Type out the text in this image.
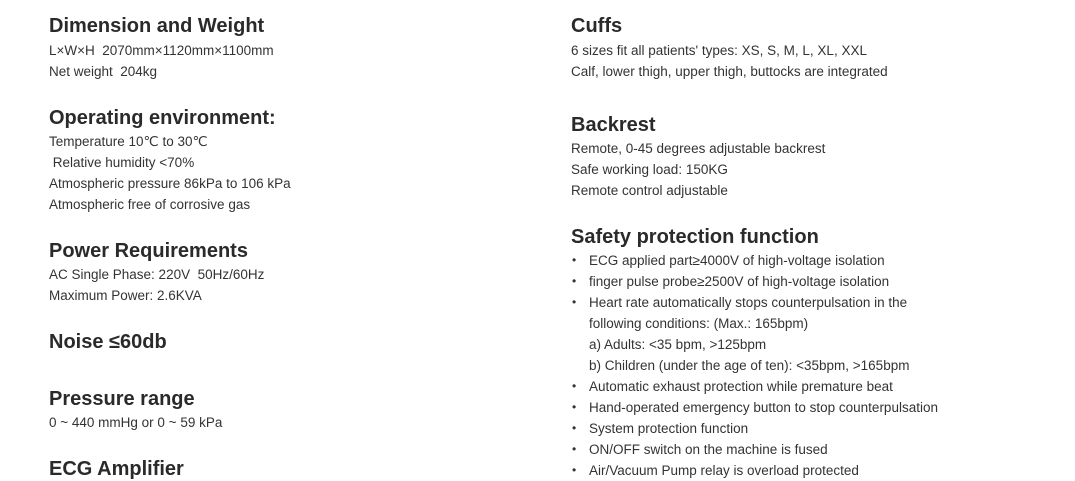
Dimension and Weight
L×W×H  2070mm×1120mm×1100mm
Net weight  204kg
Operating environment:
Temperature 10℃ to 30℃
Relative humidity <70%
Atmospheric pressure 86kPa to 106 kPa
Atmospheric free of corrosive gas
Power Requirements
AC Single Phase: 220V  50Hz/60Hz
Maximum Power: 2.6KVA
Noise ≤60db
Pressure range
0 ~ 440 mmHg or 0 ~ 59 kPa
ECG Amplifier
Cuffs
6 sizes fit all patients' types: XS, S, M, L, XL, XXL
Calf, lower thigh, upper thigh, buttocks are integrated
Backrest
Remote, 0-45 degrees adjustable backrest
Safe working load: 150KG
Remote control adjustable
Safety protection function
• ECG applied part≥4000V of high-voltage isolation
• finger pulse probe≥2500V of high-voltage isolation
• Heart rate automatically stops counterpulsation in the
following conditions: (Max.: 165bpm)
a) Adults: <35 bpm, >125bpm
b) Children (under the age of ten): <35bpm, >165bpm
• Automatic exhaust protection while premature beat
• Hand-operated emergency button to stop counterpulsation
• System protection function
• ON/OFF switch on the machine is fused
• Air/Vacuum Pump relay is overload protected
